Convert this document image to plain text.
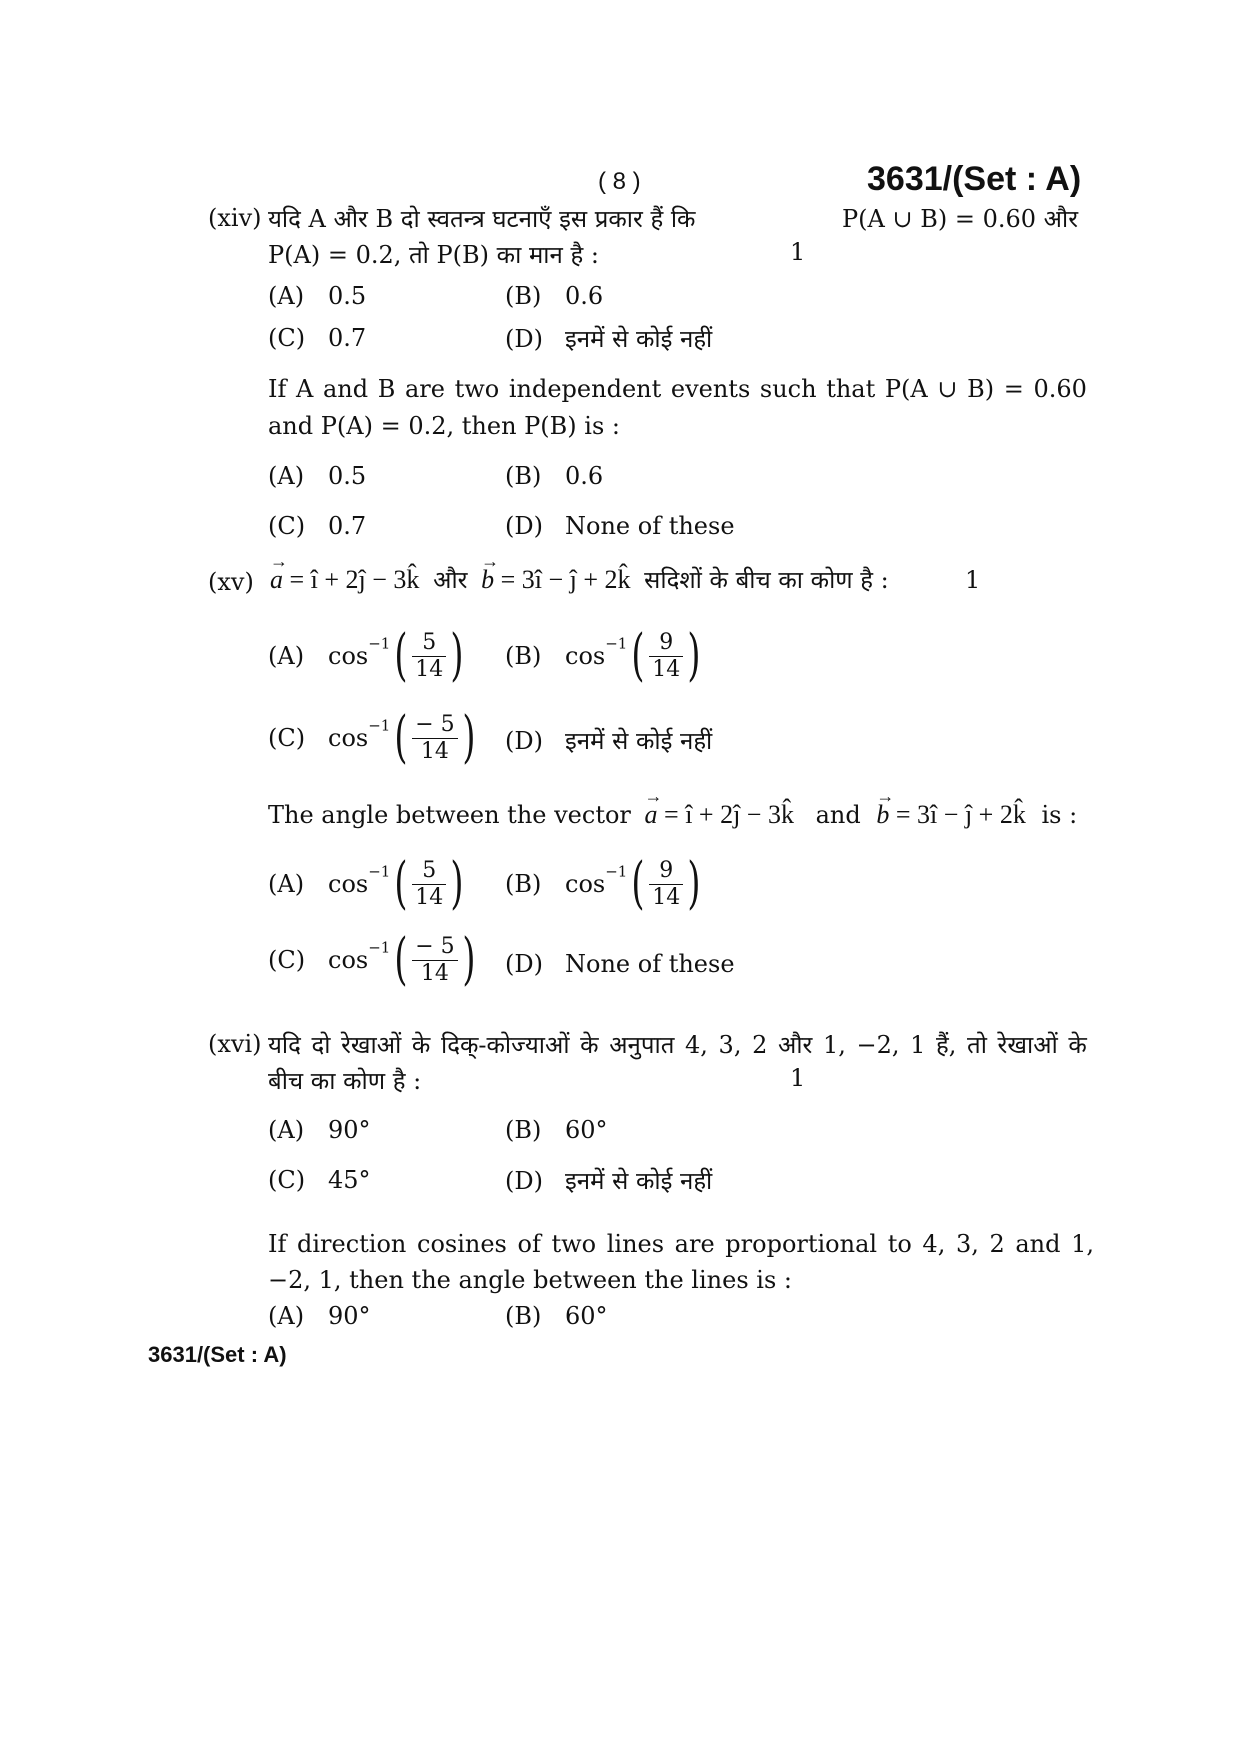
( 8 )	3631/(Set : A)
(xiv) यदि A और B दो स्वतन्त्र घटनाएँ इस प्रकार हैं कि	P(A ∪ B) = 0.60 और
P(A) = 0.2, तो P(B) का मान है :	1
(A) 0.5	(B) 0.6
(C) 0.7	(D) इनमें से कोई नहीं
If A and B are two independent events such that P(A ∪ B) = 0.60
and P(A) = 0.2, then P(B) is :
(A) 0.5	(B) 0.6
(C) 0.7	(D) None of these
(xv)
→
a = î + 2ĵ − 3k̂ और
→
b = 3î − ĵ + 2k̂ सदिशों के बीच का कोण है :	1
(A) $\cos^{-1}( \frac{5}{14}$ ) (B) $\cos^{-1}( \frac{9}{14}$ )
(C) $\cos^{-1}( \frac{- 5}{14}$ ) (D) इनमें से कोई नहीं
The angle between the vector
→
a = î + 2ĵ − 3k̂ and
→
b = 3î − ĵ + 2k̂ is :
(A) $\cos^{-1}( \frac{5}{14}$ ) (B) $\cos^{-1}( \frac{9}{14}$ )
(C) $\cos^{-1}( \frac{- 5}{14}$ ) (D) None of these
(xvi) यदि दो रेखाओं के दिक्-कोज्याओं के अनुपात 4, 3, 2 और 1, −2, 1 हैं, तो रेखाओं के
बीच का कोण है :	1
(A) 90°	(B) 60°
(C) 45°	(D) इनमें से कोई नहीं
If direction cosines of two lines are proportional to 4, 3, 2 and 1,
−2, 1, then the angle between the lines is :
(A) 90°	(B) 60°
3631/(Set : A)
